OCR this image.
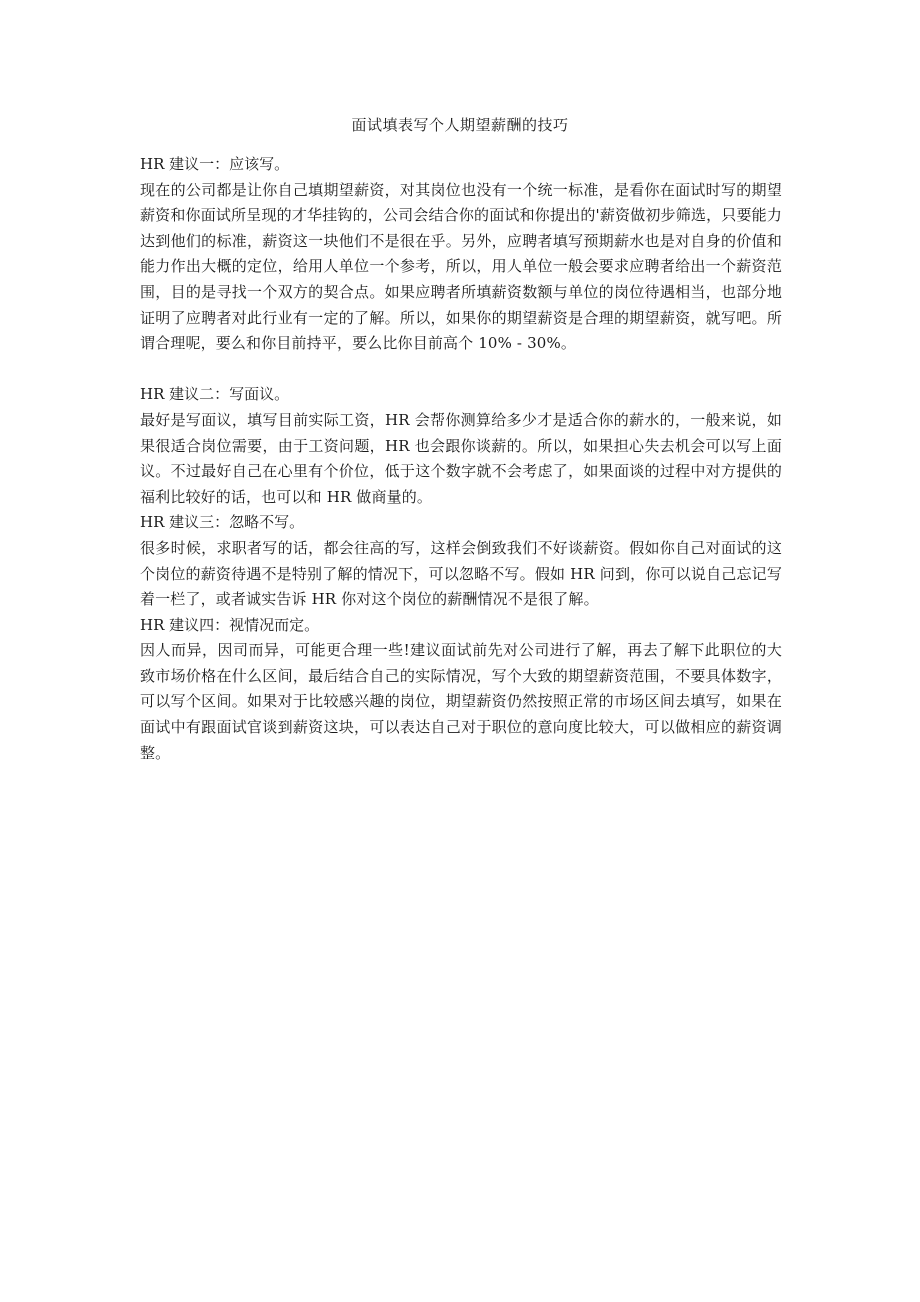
面试填表写个人期望薪酬的技巧

HR 建议一：应该写。

现在的公司都是让你自己填期望薪资，对其岗位也没有一个统一标准，是看你在面试时写的期望薪资和你面试所呈现的才华挂钩的，公司会结合你的面试和你提出的'薪资做初步筛选，只要能力达到他们的标准，薪资这一块他们不是很在乎。另外，应聘者填写预期薪水也是对自身的价值和能力作出大概的定位，给用人单位一个参考，所以，用人单位一般会要求应聘者给出一个薪资范围，目的是寻找一个双方的契合点。如果应聘者所填薪资数额与单位的岗位待遇相当，也部分地证明了应聘者对此行业有一定的了解。所以，如果你的期望薪资是合理的期望薪资，就写吧。所谓合理呢，要么和你目前持平，要么比你目前高个 10% - 30%。

HR 建议二：写面议。

最好是写面议，填写目前实际工资，HR 会帮你测算给多少才是适合你的薪水的，一般来说，如果很适合岗位需要，由于工资问题，HR 也会跟你谈薪的。所以，如果担心失去机会可以写上面议。不过最好自己在心里有个价位，低于这个数字就不会考虑了，如果面谈的过程中对方提供的福利比较好的话，也可以和 HR 做商量的。

HR 建议三：忽略不写。

很多时候，求职者写的话，都会往高的写，这样会倒致我们不好谈薪资。假如你自己对面试的这个岗位的薪资待遇不是特别了解的情况下，可以忽略不写。假如 HR 问到，你可以说自己忘记写着一栏了，或者诚实告诉 HR 你对这个岗位的薪酬情况不是很了解。

HR 建议四：视情况而定。

因人而异，因司而异，可能更合理一些!建议面试前先对公司进行了解，再去了解下此职位的大致市场价格在什么区间，最后结合自己的实际情况，写个大致的期望薪资范围，不要具体数字，可以写个区间。如果对于比较感兴趣的岗位，期望薪资仍然按照正常的市场区间去填写，如果在面试中有跟面试官谈到薪资这块，可以表达自己对于职位的意向度比较大，可以做相应的薪资调整。
